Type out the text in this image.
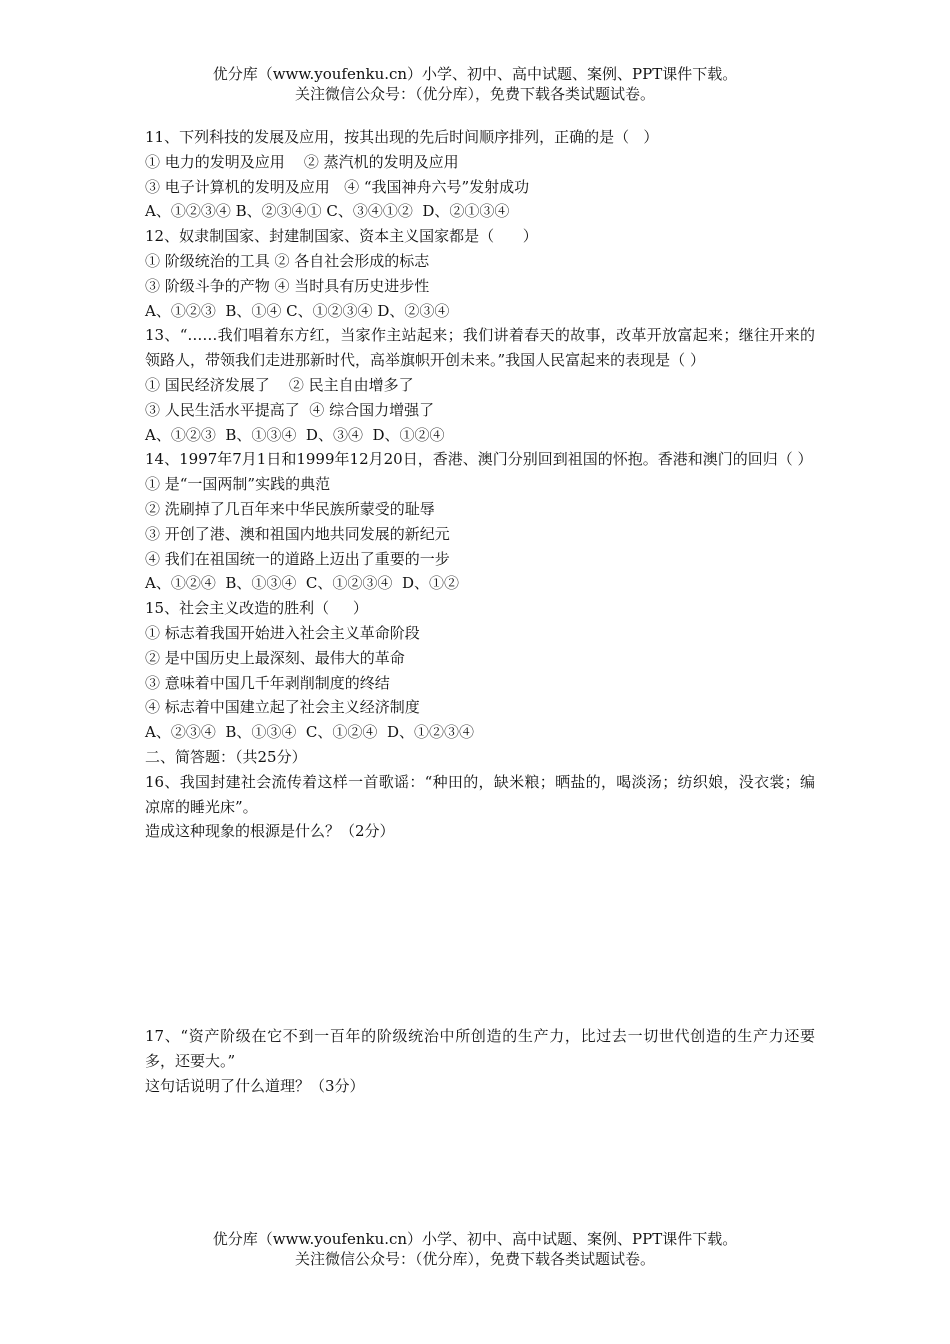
优分库（www.youfenku.cn）小学、初中、高中试题、案例、PPT课件下载。
关注微信公众号：（优分库），免费下载各类试题试卷。
11、下列科技的发展及应用，按其出现的先后时间顺序排列，正确的是（   ）
① 电力的发明及应用    ② 蒸汽机的发明及应用
③ 电子计算机的发明及应用   ④ “我国神舟六号”发射成功
A、①②③④ B、②③④① C、③④①②  D、②①③④
12、奴隶制国家、封建制国家、资本主义国家都是（      ）
① 阶级统治的工具 ② 各自社会形成的标志
③ 阶级斗争的产物 ④ 当时具有历史进步性
A、①②③  B、①④ C、①②③④ D、②③④
13、“……我们唱着东方红，当家作主站起来；我们讲着春天的故事，改革开放富起来；继往开来的领路人，带领我们走进那新时代，高举旗帜开创未来。”我国人民富起来的表现是（ ）
① 国民经济发展了    ② 民主自由增多了
③ 人民生活水平提高了  ④ 综合国力增强了
A、①②③  B、①③④  D、③④  D、①②④
14、1997年7月1日和1999年12月20日，香港、澳门分别回到祖国的怀抱。香港和澳门的回归（ ）
① 是“一国两制”实践的典范
② 洗刷掉了几百年来中华民族所蒙受的耻辱
③ 开创了港、澳和祖国内地共同发展的新纪元
④ 我们在祖国统一的道路上迈出了重要的一步
A、①②④  B、①③④  C、①②③④  D、①②
15、社会主义改造的胜利（     ）
① 标志着我国开始进入社会主义革命阶段
② 是中国历史上最深刻、最伟大的革命
③ 意味着中国几千年剥削制度的终结
④ 标志着中国建立起了社会主义经济制度
A、②③④  B、①③④  C、①②④  D、①②③④
二、简答题：（共25分）
16、我国封建社会流传着这样一首歌谣：“种田的，缺米粮；晒盐的，喝淡汤；纺织娘，没衣裳；编凉席的睡光床”。
造成这种现象的根源是什么？（2分）
17、“资产阶级在它不到一百年的阶级统治中所创造的生产力，比过去一切世代创造的生产力还要多，还要大。”
这句话说明了什么道理？（3分）
优分库（www.youfenku.cn）小学、初中、高中试题、案例、PPT课件下载。
关注微信公众号：（优分库），免费下载各类试题试卷。
